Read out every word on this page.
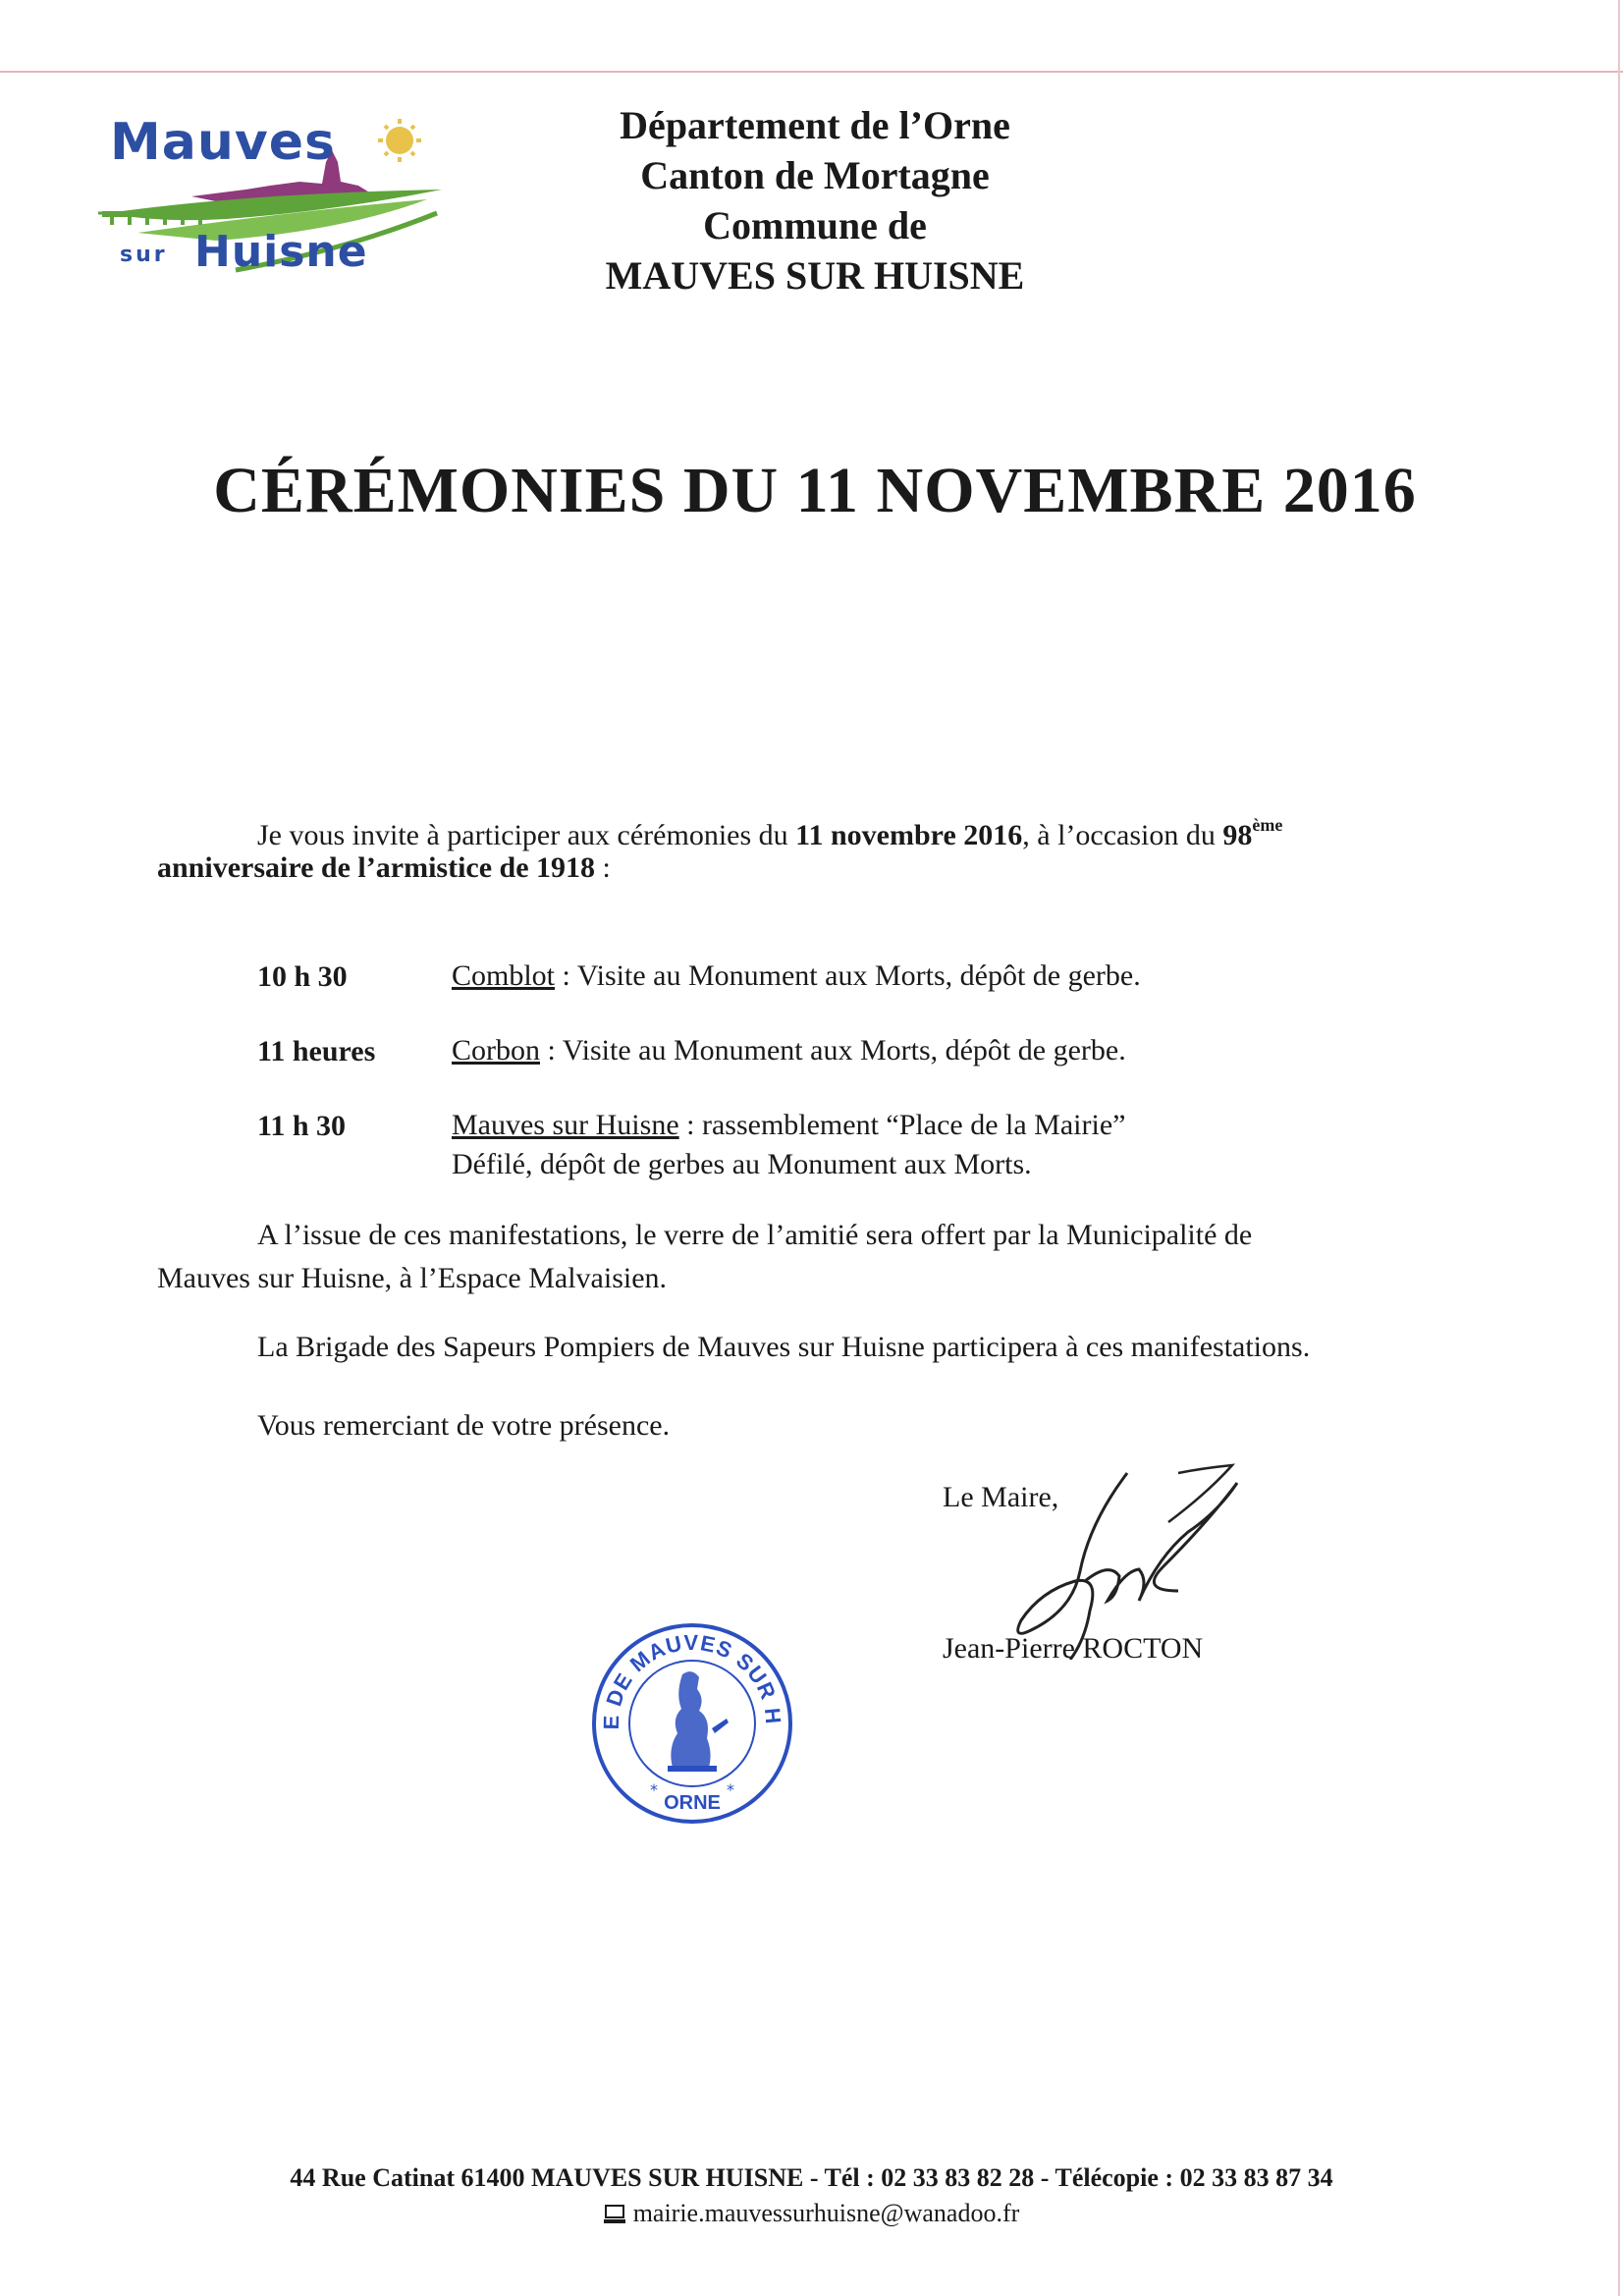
Mauves
sur Huisne
Département de l’Orne
Canton de Mortagne
Commune de
MAUVES SUR HUISNE
CÉRÉMONIES DU 11 NOVEMBRE 2016
Je vous invite à participer aux cérémonies du 11 novembre 2016, à l’occasion du 98ème
anniversaire de l’armistice de 1918 :
10 h 30	Comblot : Visite au Monument aux Morts, dépôt de gerbe.
11 heures	Corbon : Visite au Monument aux Morts, dépôt de gerbe.
11 h 30	Mauves sur Huisne : rassemblement “Place de la Mairie”
Défilé, dépôt de gerbes au Monument aux Morts.
A l’issue de ces manifestations, le verre de l’amitié sera offert par la Municipalité de
Mauves sur Huisne, à l’Espace Malvaisien.
La Brigade des Sapeurs Pompiers de Mauves sur Huisne participera à ces manifestations.
Vous remerciant de votre présence.
Le Maire,
Jean-Pierre ROCTON
E DE MAUVES SUR H
ORNE
*	*
44 Rue Catinat 61400 MAUVES SUR HUISNE - Tél : 02 33 83 82 28 - Télécopie : 02 33 83 87 34
mairie.mauvessurhuisne@wanadoo.fr
